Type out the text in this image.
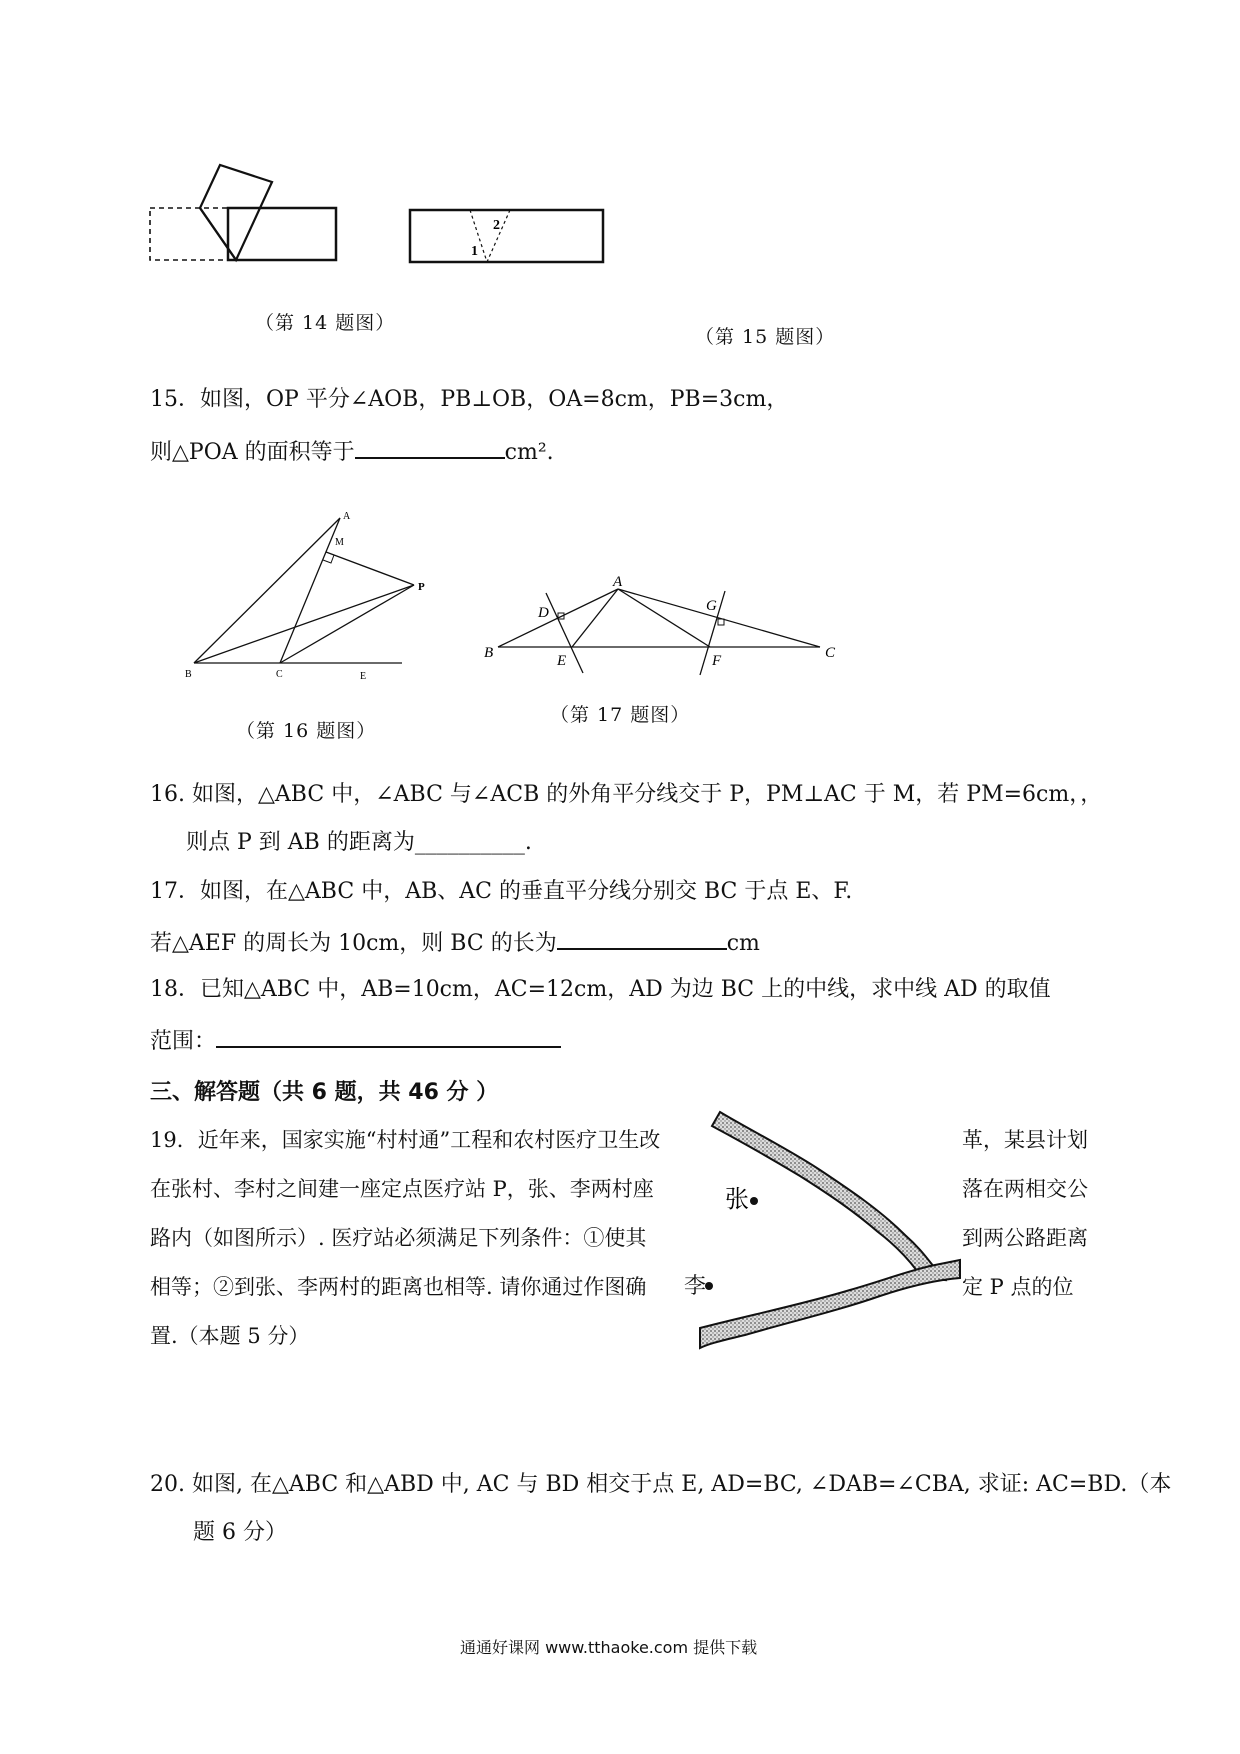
（第 14 题图）
2
1
（第 15 题图）
15．如图，OP 平分∠AOB，PB⊥OB，OA=8cm，PB=3cm，
则△POA 的面积等于	cm².
A
M
P
B	C	E
（第 16 题图）
A
B	C
D
E	F
G
（第 17 题图）
16. 如图，△ABC 中，∠ABC 与∠ACB 的外角平分线交于 P，PM⊥AC 于 M，若 PM=6cm，，
则点 P 到 AB 的距离为__________.
17．如图，在△ABC 中，AB、AC 的垂直平分线分别交 BC 于点 E、F.
若△AEF 的周长为 10cm，则 BC 的长为	cm
18．已知△ABC 中，AB=10cm，AC=12cm，AD 为边 BC 上的中线，求中线 AD 的取值
范围：
三、解答题（共 6 题，共 46 分 ）
19．近年来，国家实施“村村通”工程和农村医疗卫生改
在张村、李村之间建一座定点医疗站 P，张、李两村座
路内（如图所示）. 医疗站必须满足下列条件：①使其
相等；②到张、李两村的距离也相等. 请你通过作图确
置.（本题 5 分）
革，某县计划
落在两相交公
到两公路距离
定 P 点的位
张
李
20. 如图, 在△ABC 和△ABD 中, AC 与 BD 相交于点 E, AD=BC, ∠DAB=∠CBA, 求证: AC=BD.（本
题 6 分）
通通好课网 www.tthaoke.com 提供下载
